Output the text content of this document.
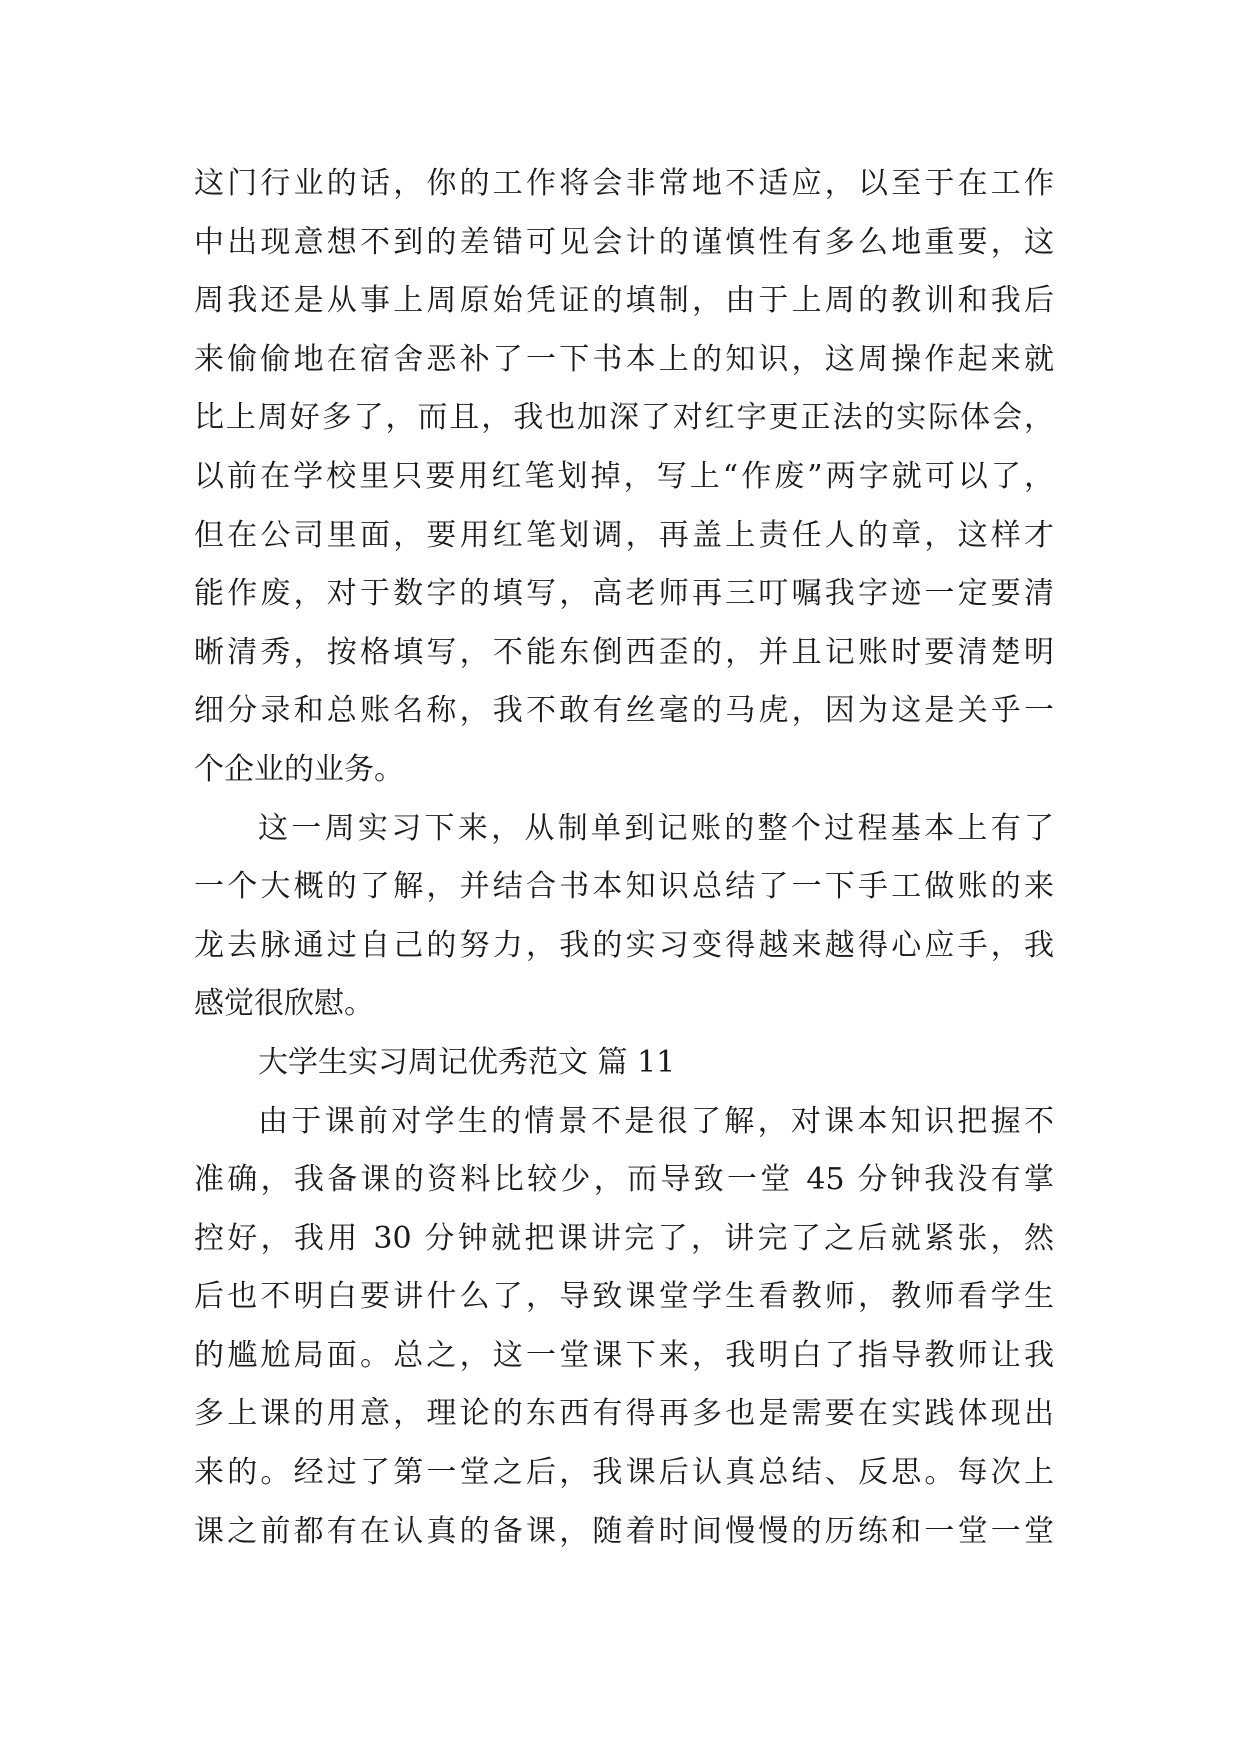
这门行业的话，你的工作将会非常地不适应，以至于在工作
中出现意想不到的差错可见会计的谨慎性有多么地重要，这
周我还是从事上周原始凭证的填制，由于上周的教训和我后
来偷偷地在宿舍恶补了一下书本上的知识，这周操作起来就
比上周好多了，而且，我也加深了对红字更正法的实际体会，
以前在学校里只要用红笔划掉，写上“作废”两字就可以了，
但在公司里面，要用红笔划调，再盖上责任人的章，这样才
能作废，对于数字的填写，高老师再三叮嘱我字迹一定要清
晰清秀，按格填写，不能东倒西歪的，并且记账时要清楚明
细分录和总账名称，我不敢有丝毫的马虎，因为这是关乎一
个企业的业务。
这一周实习下来，从制单到记账的整个过程基本上有了
一个大概的了解，并结合书本知识总结了一下手工做账的来
龙去脉通过自己的努力，我的实习变得越来越得心应手，我
感觉很欣慰。
大学生实习周记优秀范文 篇 11
由于课前对学生的情景不是很了解，对课本知识把握不
准确，我备课的资料比较少，而导致一堂 45 分钟我没有掌
控好，我用 30 分钟就把课讲完了，讲完了之后就紧张，然
后也不明白要讲什么了，导致课堂学生看教师，教师看学生
的尴尬局面。总之，这一堂课下来，我明白了指导教师让我
多上课的用意，理论的东西有得再多也是需要在实践体现出
来的。经过了第一堂之后，我课后认真总结、反思。每次上
课之前都有在认真的备课，随着时间慢慢的历练和一堂一堂
